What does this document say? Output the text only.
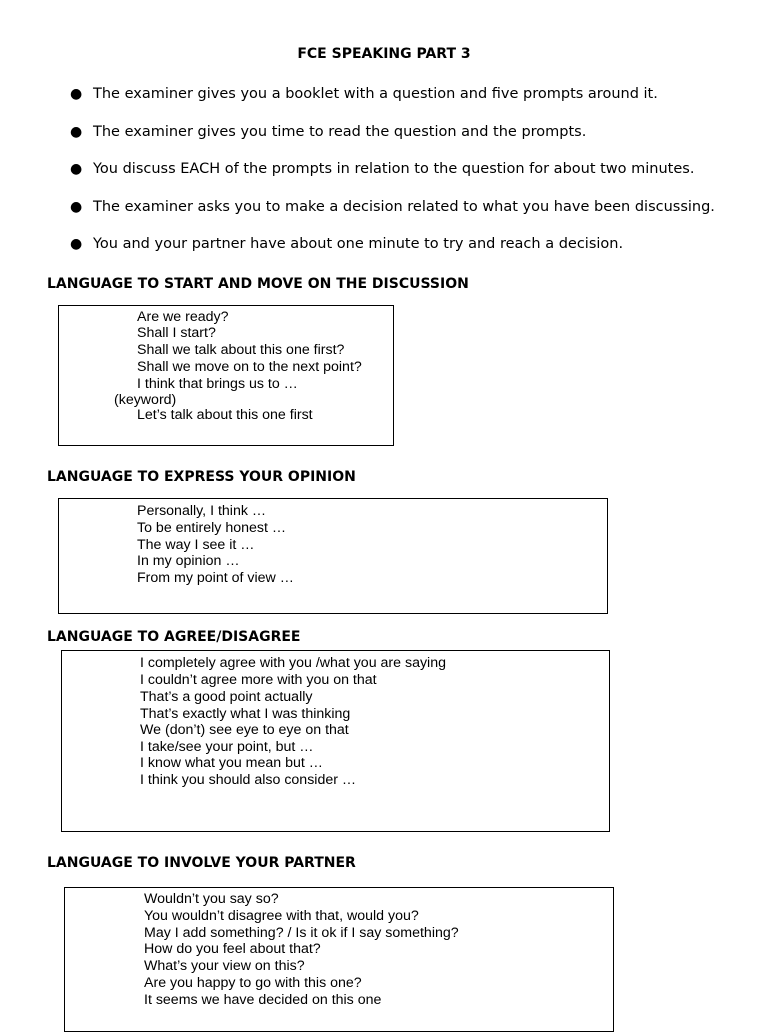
FCE SPEAKING PART 3
● The examiner gives you a booklet with a question and five prompts around it.
● The examiner gives you time to read the question and the prompts.
● You discuss EACH of the prompts in relation to the question for about two minutes.
● The examiner asks you to make a decision related to what you have been discussing.
● You and your partner have about one minute to try and reach a decision.
LANGUAGE TO START AND MOVE ON THE DISCUSSION
Are we ready?
Shall I start?
Shall we talk about this one first?
Shall we move on to the next point?
I think that brings us to …
(keyword)
Let’s talk about this one first
LANGUAGE TO EXPRESS YOUR OPINION
Personally, I think …
To be entirely honest …
The way I see it …
In my opinion …
From my point of view …
LANGUAGE TO AGREE/DISAGREE
I completely agree with you /what you are saying
I couldn’t agree more with you on that
That’s a good point actually
That’s exactly what I was thinking
We (don’t) see eye to eye on that
I take/see your point, but …
I know what you mean but …
I think you should also consider …
LANGUAGE TO INVOLVE YOUR PARTNER
Wouldn’t you say so?
You wouldn’t disagree with that, would you?
May I add something? / Is it ok if I say something?
How do you feel about that?
What’s your view on this?
Are you happy to go with this one?
It seems we have decided on this one
